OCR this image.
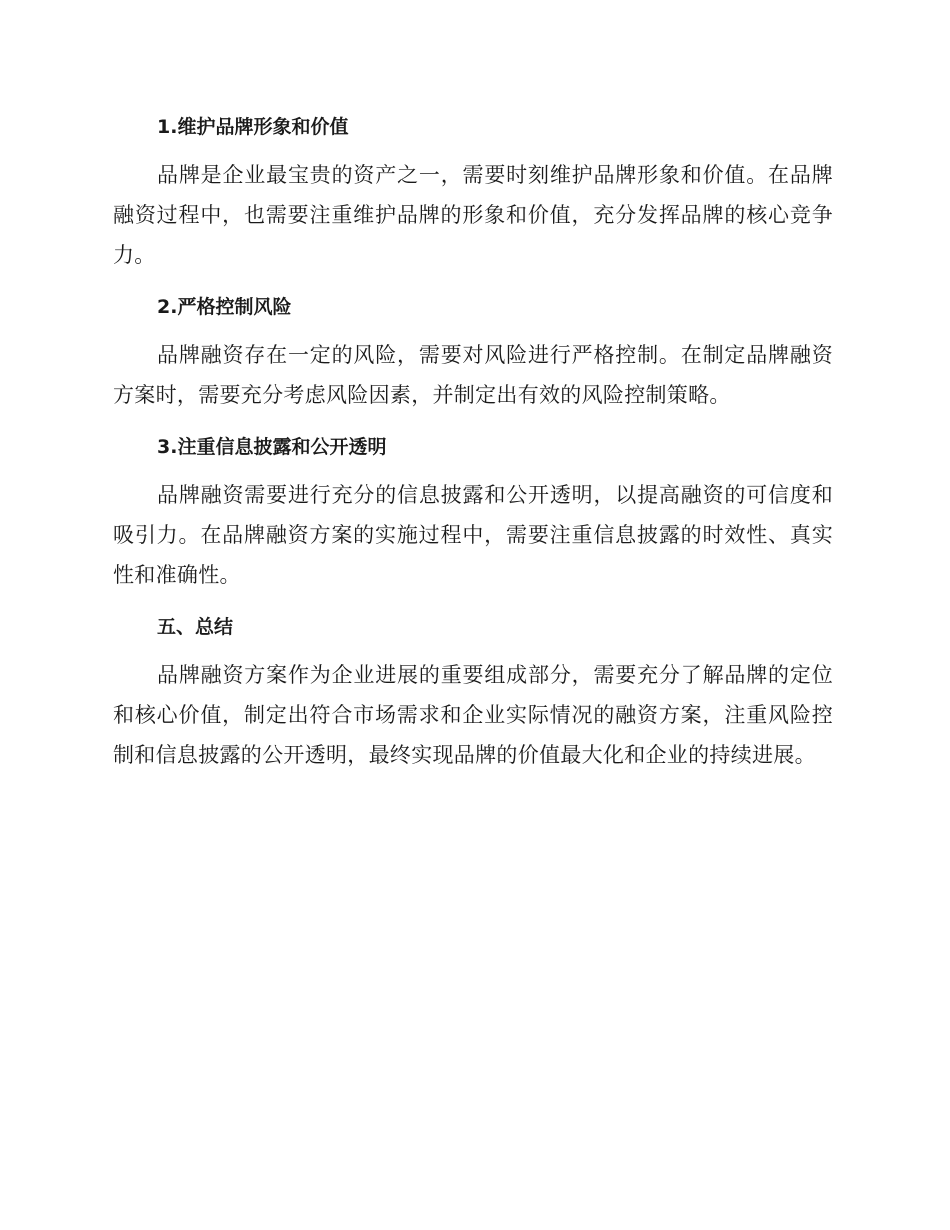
1.维护品牌形象和价值

品牌是企业最宝贵的资产之一，需要时刻维护品牌形象和价值。在品牌融资过程中，也需要注重维护品牌的形象和价值，充分发挥品牌的核心竞争力。

2.严格控制风险

品牌融资存在一定的风险，需要对风险进行严格控制。在制定品牌融资方案时，需要充分考虑风险因素，并制定出有效的风险控制策略。

3.注重信息披露和公开透明

品牌融资需要进行充分的信息披露和公开透明，以提高融资的可信度和吸引力。在品牌融资方案的实施过程中，需要注重信息披露的时效性、真实性和准确性。

五、总结

品牌融资方案作为企业进展的重要组成部分，需要充分了解品牌的定位和核心价值，制定出符合市场需求和企业实际情况的融资方案，注重风险控制和信息披露的公开透明，最终实现品牌的价值最大化和企业的持续进展。
